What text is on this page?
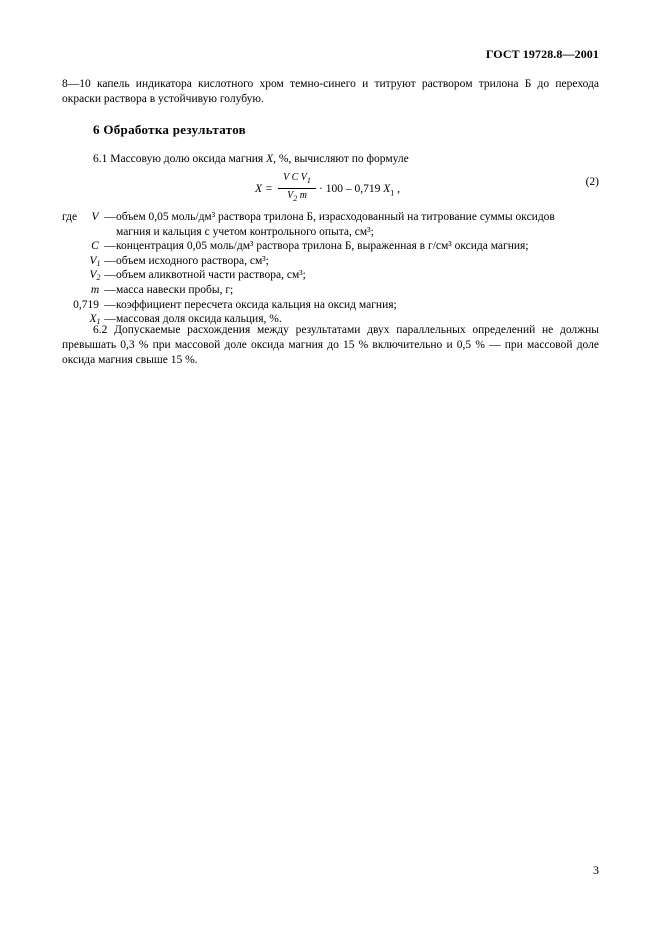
ГОСТ 19728.8—2001
8—10 капель индикатора кислотного хром темно-синего и титруют раствором трилона Б до перехода окраски раствора в устойчивую голубую.
6 Обработка результатов
6.1 Массовую долю оксида магния X, %, вычисляют по формуле
X =
V C $V_1$
$V_2$ m
· 100 – 0,719 $X_1$ ,
(2)
где	V — объем 0,05 моль/дм³ раствора трилона Б, израсходованный на титрование суммы оксидов
магния и кальция с учетом контрольного опыта, см³;
C — концентрация 0,05 моль/дм³ раствора трилона Б, выраженная в г/см³ оксида магния;
$V_1$ — объем исходного раствора, см³;
$V_2$ — объем аликвотной части раствора, см³;
m — масса навески пробы, г;
0,719 — коэффициент пересчета оксида кальция на оксид магния;
$X_1$ — массовая доля оксида кальция, %.
6.2 Допускаемые расхождения между результатами двух параллельных определений не должны превышать 0,3 % при массовой доле оксида магния до 15 % включительно и 0,5 % — при массовой доле оксида магния свыше 15 %.
3
